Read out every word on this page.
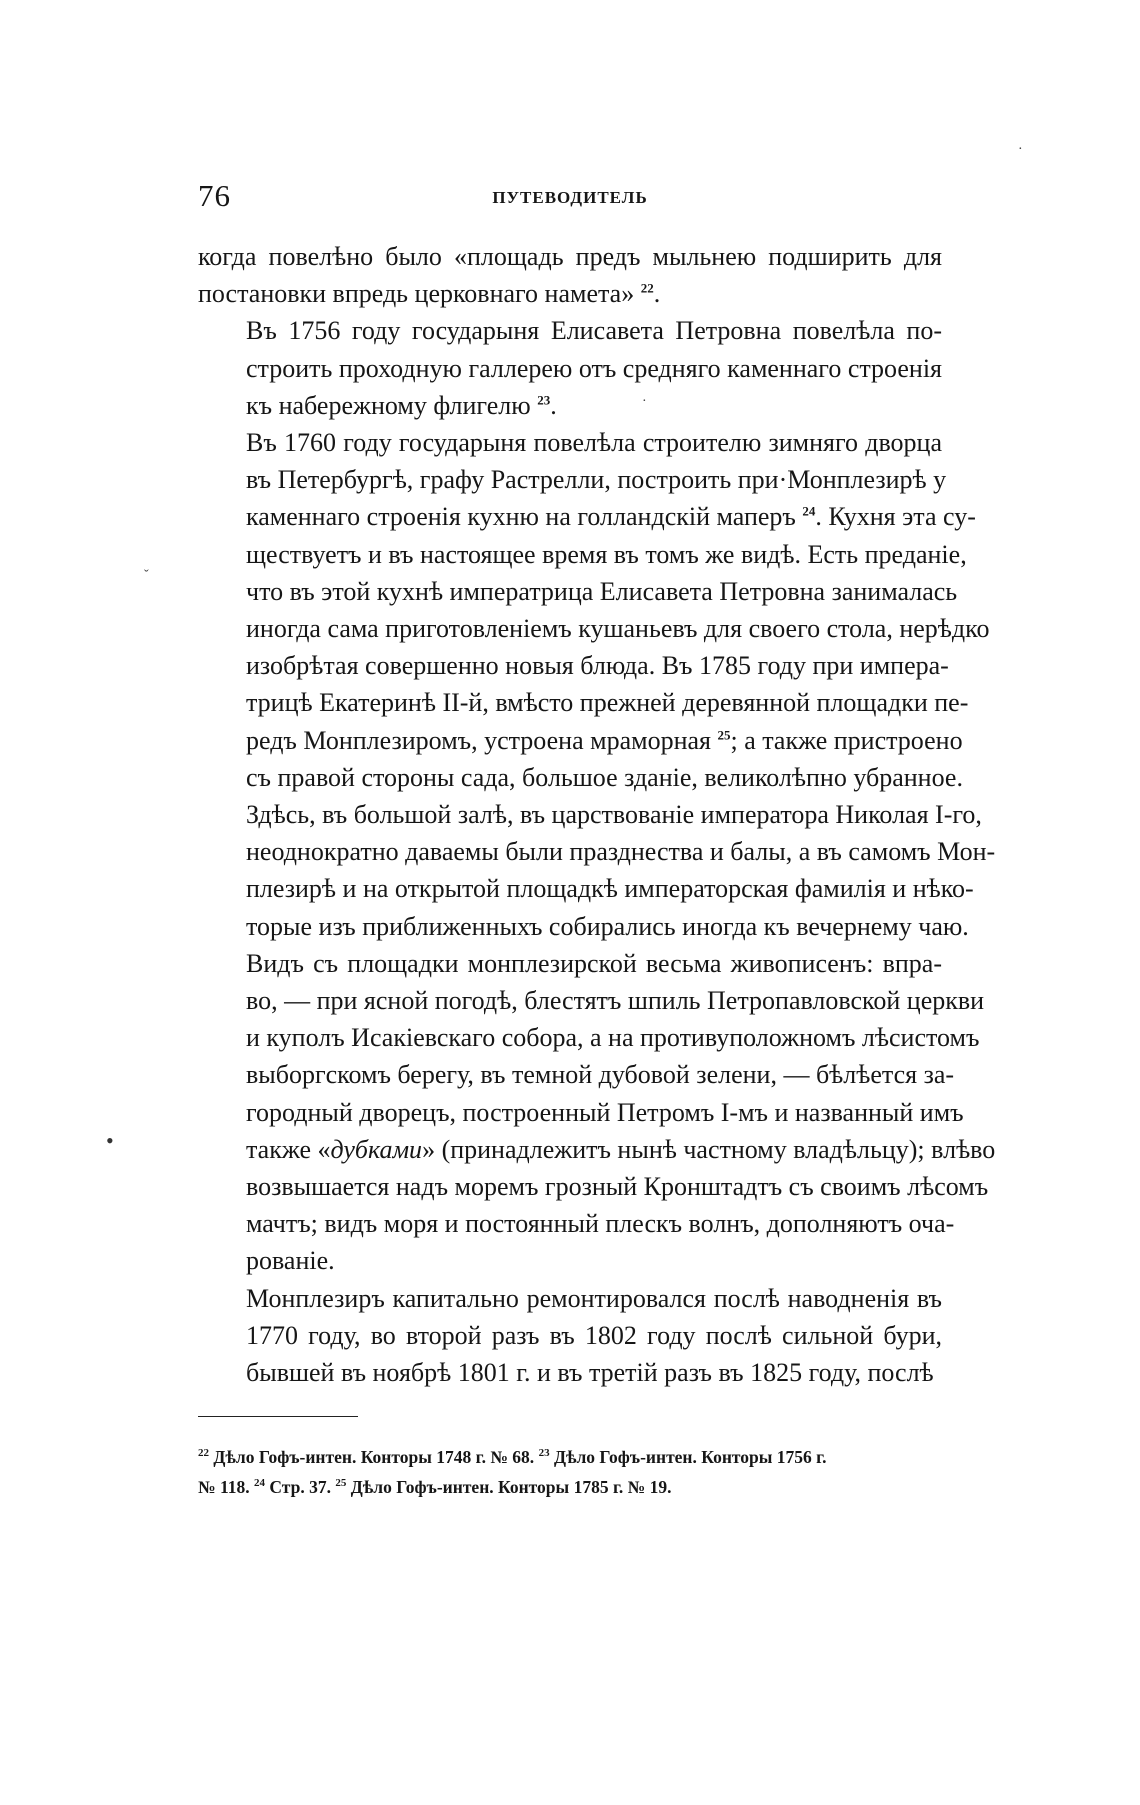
76	ПУТЕВОДИТЕЛЬ

когда повелѣно было «площадь предъ мыльнею подширить для
постановки впредь церковнаго намета» $^{22}$.

Въ 1756 году государыня Елисавета Петровна повелѣла по-
строить проходную галлерею отъ средняго каменнаго строенія
къ набережному флигелю $^{23}$.

Въ 1760 году государыня повелѣла строителю зимняго дворца
въ Петербургѣ, графу Растрелли, построить при·Монплезирѣ у
каменнаго строенія кухню на голландскій маперъ $^{24}$. Кухня эта су-
ществуетъ и въ настоящее время въ томъ же видѣ. Есть преданіе,
что въ этой кухнѣ императрица Елисавета Петровна занималась
иногда сама приготовленіемъ кушаньевъ для своего стола, нерѣдко
изобрѣтая совершенно новыя блюда. Въ 1785 году при импера-
трицѣ Екатеринѣ II-й, вмѣсто прежней деревянной площадки пе-
редъ Монплезиромъ, устроена мраморная $^{25}$; а также пристроено
съ правой стороны сада, большое зданіе, великолѣпно убранное.
Здѣсь, въ большой залѣ, въ царствованіе императора Николая I-го,
неоднократно даваемы были празднества и балы, а въ самомъ Мон-
плезирѣ и на открытой площадкѣ императорская фамилія и нѣко-
торые изъ приближенныхъ собирались иногда къ вечернему чаю.

Видъ съ площадки монплезирской весьма живописенъ: впра-
во, — при ясной погодѣ, блестятъ шпиль Петропавловской церкви
и куполъ Исакіевскаго собора, а на противуположномъ лѣсистомъ
выборгскомъ берегу, въ темной дубовой зелени, — бѣлѣется за-
городный дворецъ, построенный Петромъ I-мъ и названный имъ
также «дубками» (принадлежитъ нынѣ частному владѣльцу); влѣво
возвышается надъ моремъ грозный Кронштадтъ съ своимъ лѣсомъ
мачтъ; видъ моря и постоянный плескъ волнъ, дополняютъ оча-
рованіе.

Монплезиръ капитально ремонтировался послѣ наводненія въ
1770 году, во второй разъ въ 1802 году послѣ сильной бури,
бывшей въ ноябрѣ 1801 г. и въ третій разъ въ 1825 году, послѣ

$^{22}$ Дѣло Гофъ-интен. Конторы 1748 г. № 68. $^{23}$ Дѣло Гофъ-интен. Конторы 1756 г.
№ 118. $^{24}$ Стр. 37. $^{25}$ Дѣло Гофъ-интен. Конторы 1785 г. № 19.
·
·
ˇ
•
